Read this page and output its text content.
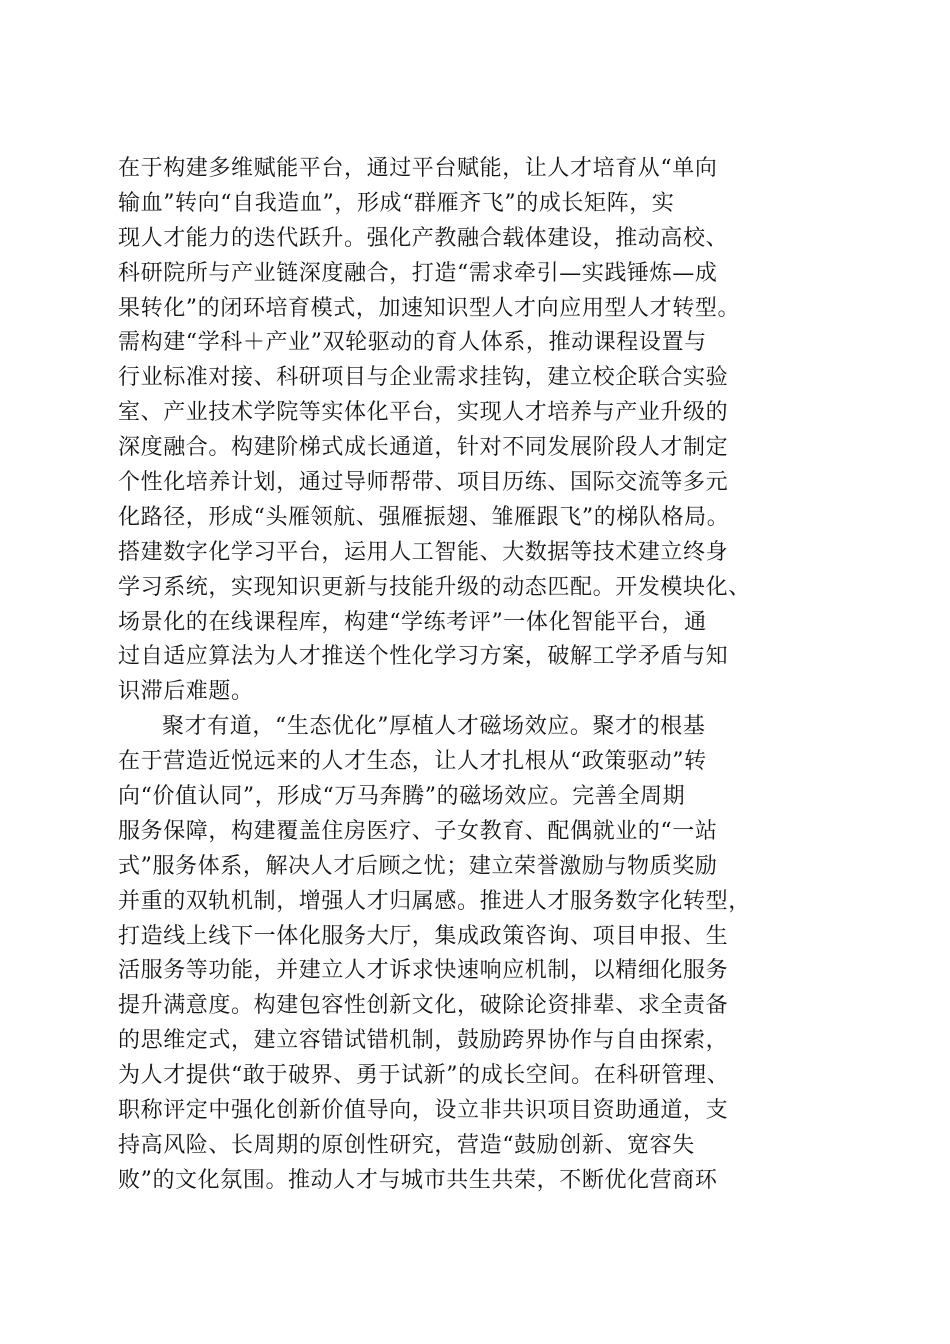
在于构建多维赋能平台，通过平台赋能，让人才培育从“单向
输血”转向“自我造血”，形成“群雁齐飞”的成长矩阵，实
现人才能力的迭代跃升。强化产教融合载体建设，推动高校、
科研院所与产业链深度融合，打造“需求牵引—实践锤炼—成
果转化”的闭环培育模式，加速知识型人才向应用型人才转型。
需构建“学科＋产业”双轮驱动的育人体系，推动课程设置与
行业标准对接、科研项目与企业需求挂钩，建立校企联合实验
室、产业技术学院等实体化平台，实现人才培养与产业升级的
深度融合。构建阶梯式成长通道，针对不同发展阶段人才制定
个性化培养计划，通过导师帮带、项目历练、国际交流等多元
化路径，形成“头雁领航、强雁振翅、雏雁跟飞”的梯队格局。
搭建数字化学习平台，运用人工智能、大数据等技术建立终身
学习系统，实现知识更新与技能升级的动态匹配。开发模块化、
场景化的在线课程库，构建“学练考评”一体化智能平台，通
过自适应算法为人才推送个性化学习方案，破解工学矛盾与知
识滞后难题。
聚才有道，“生态优化”厚植人才磁场效应。聚才的根基
在于营造近悦远来的人才生态，让人才扎根从“政策驱动”转
向“价值认同”，形成“万马奔腾”的磁场效应。完善全周期
服务保障，构建覆盖住房医疗、子女教育、配偶就业的“一站
式”服务体系，解决人才后顾之忧；建立荣誉激励与物质奖励
并重的双轨机制，增强人才归属感。推进人才服务数字化转型，
打造线上线下一体化服务大厅，集成政策咨询、项目申报、生
活服务等功能，并建立人才诉求快速响应机制，以精细化服务
提升满意度。构建包容性创新文化，破除论资排辈、求全责备
的思维定式，建立容错试错机制，鼓励跨界协作与自由探索，
为人才提供“敢于破界、勇于试新”的成长空间。在科研管理、
职称评定中强化创新价值导向，设立非共识项目资助通道，支
持高风险、长周期的原创性研究，营造“鼓励创新、宽容失
败”的文化氛围。推动人才与城市共生共荣，不断优化营商环
